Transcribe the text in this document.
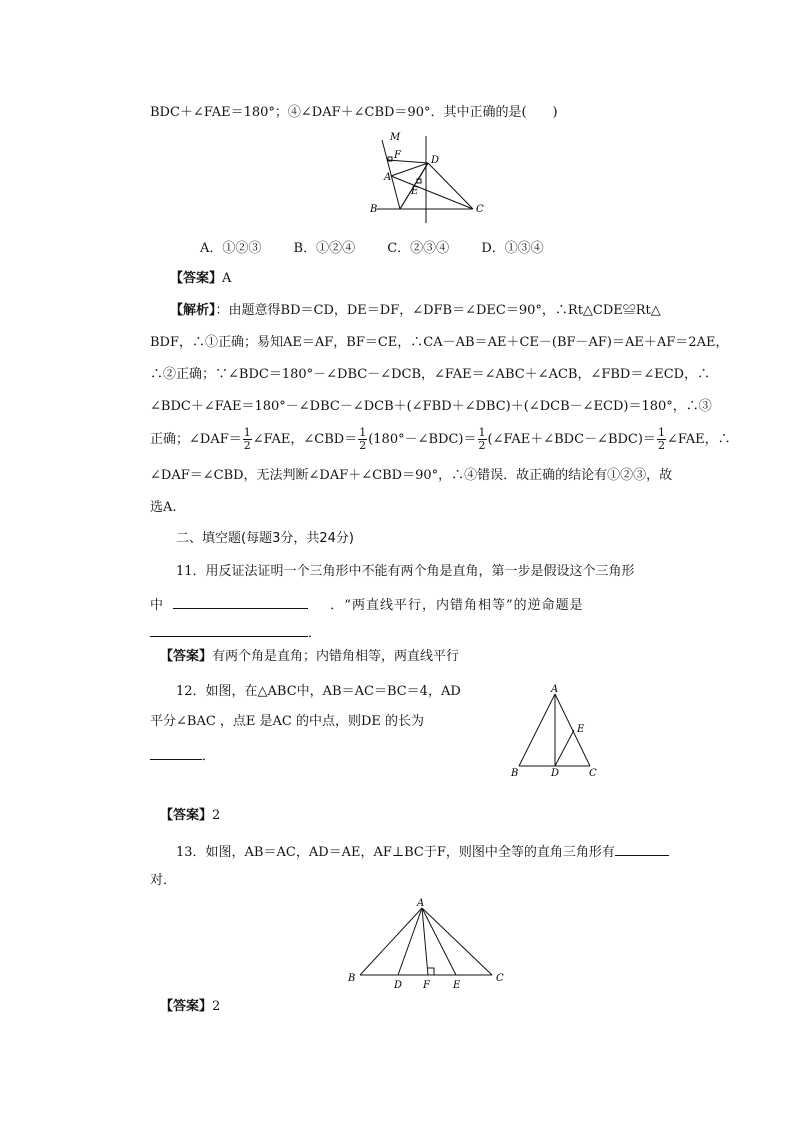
BDC＋∠FAE＝180°；④∠DAF＋∠CBD＝90°．其中正确的是(　　)
M
F	D
A
E
B	C
A．①②③ B．①②④ C．②③④ D．①③④
【答案】A
【解析】：由题意得BD＝CD，DE＝DF，∠DFB＝∠DEC＝90°，∴Rt△CDE≌Rt△
BDF，∴①正确；易知AE＝AF，BF＝CE，∴CA－AB＝AE＋CE－(BF－AF)＝AE＋AF＝2AE，
∴②正确；∵∠BDC＝180°－∠DBC－∠DCB，∠FAE＝∠ABC＋∠ACB，∠FBD＝∠ECD，∴
∠BDC＋∠FAE＝180°－∠DBC－∠DCB＋(∠FBD＋∠DBC)＋(∠DCB－∠ECD)＝180°，∴③
正确；∠DAF＝ $\frac{1}{2}$ ∠FAE，∠CBD＝ $\frac{1}{2}$ (180°－∠BDC)＝ $\frac{1}{2}$ (∠FAE＋∠BDC－∠BDC)＝ $\frac{1}{2}$ ∠FAE，∴
∠DAF＝∠CBD，无法判断∠DAF＋∠CBD＝90°，∴④错误．故正确的结论有①②③，故
选A.
二、填空题(每题3分，共24分)
11．用反证法证明一个三角形中不能有两个角是直角，第一步是假设这个三角形
中	．“两直线平行，内错角相等”的逆命题是
．
【答案】有两个角是直角；内错角相等，两直线平行
12．如图，在△ABC中，AB＝AC＝BC＝4，AD
平分∠BAC ，点E 是AC 的中点，则DE 的长为
．
A
E
B	D	C
【答案】2
13．如图，AB＝AC，AD＝AE，AF⊥BC于F，则图中全等的直角三角形有
对．
A
B
D F E
C
【答案】2
